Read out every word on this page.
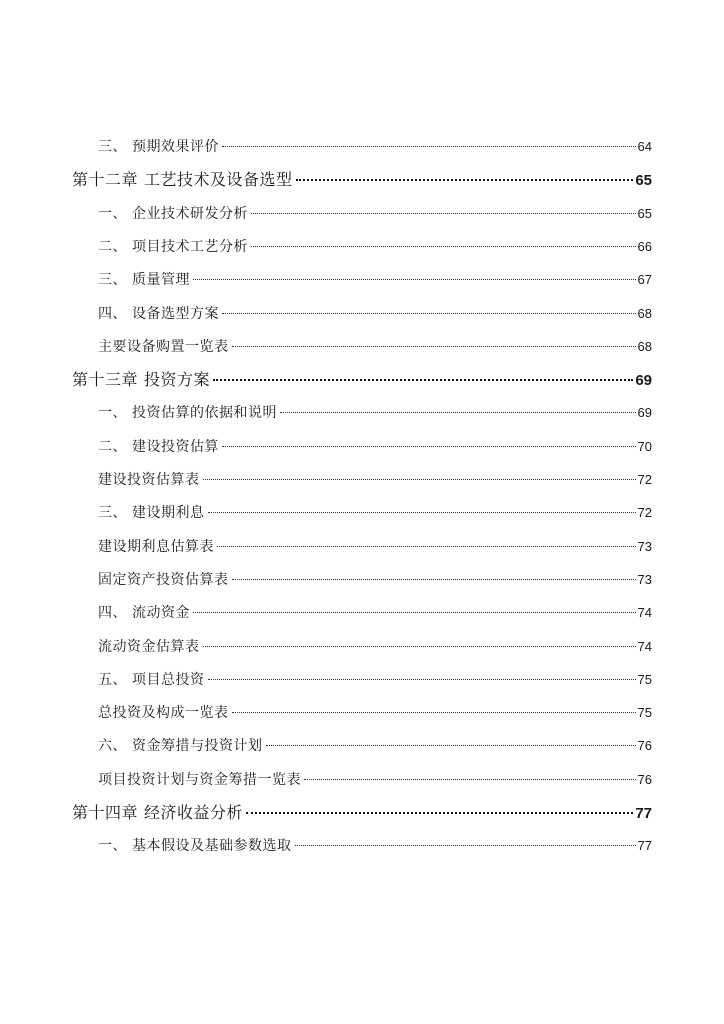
三、 预期效果评价	64
第十二章 工艺技术及设备选型	65
一、 企业技术研发分析	65
二、 项目技术工艺分析	66
三、 质量管理	67
四、 设备选型方案	68
主要设备购置一览表	68
第十三章 投资方案	69
一、 投资估算的依据和说明	69
二、 建设投资估算	70
建设投资估算表	72
三、 建设期利息	72
建设期利息估算表	73
固定资产投资估算表	73
四、 流动资金	74
流动资金估算表	74
五、 项目总投资	75
总投资及构成一览表	75
六、 资金筹措与投资计划	76
项目投资计划与资金筹措一览表	76
第十四章 经济收益分析	77
一、 基本假设及基础参数选取	77
